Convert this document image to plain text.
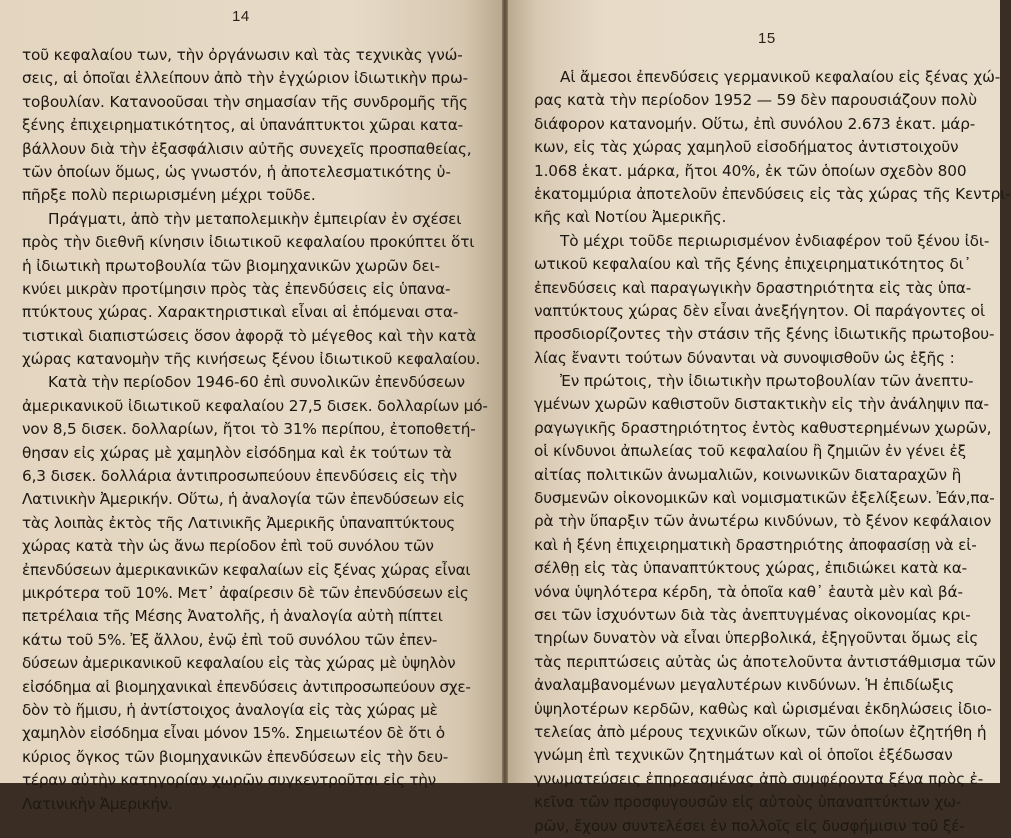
14
τοῦ κεφαλαίου των, τὴν ὀργάνωσιν καὶ τὰς τεχνικὰς γνώ-
σεις, αἱ ὁποῖαι ἐλλείπουν ἀπὸ τὴν ἐγχώριον ἰδιωτικὴν πρω-
τοβουλίαν. Κατανοοῦσαι τὴν σημασίαν τῆς συνδρομῆς τῆς
ξένης ἐπιχειρηματικότητος, αἱ ὑπανάπτυκτοι χῶραι κατα-
βάλλουν διὰ τὴν ἐξασφάλισιν αὐτῆς συνεχεῖς προσπαθείας,
τῶν ὁποίων ὅμως, ὡς γνωστόν, ἡ ἀποτελεσματικότης ὑ-
πῆρξε πολὺ περιωρισμένη μέχρι τοῦδε.
Πράγματι, ἀπὸ τὴν μεταπολεμικὴν ἐμπειρίαν ἐν σχέσει
πρὸς τὴν διεθνῆ κίνησιν ἰδιωτικοῦ κεφαλαίου προκύπτει ὅτι
ἡ ἰδιωτικὴ πρωτοβουλία τῶν βιομηχανικῶν χωρῶν δει-
κνύει μικρὰν προτίμησιν πρὸς τὰς ἐπενδύσεις εἰς ὑπανα-
πτύκτους χώρας. Χαρακτηριστικαὶ εἶναι αἱ ἑπόμεναι στα-
τιστικαὶ διαπιστώσεις ὅσον ἀφορᾷ τὸ μέγεθος καὶ τὴν κατὰ
χώρας κατανομὴν τῆς κινήσεως ξένου ἰδιωτικοῦ κεφαλαίου.
Κατὰ τὴν περίοδον 1946-60 ἐπὶ συνολικῶν ἐπενδύσεων
ἀμερικανικοῦ ἰδιωτικοῦ κεφαλαίου 27,5 δισεκ. δολλαρίων μό-
νον 8,5 δισεκ. δολλαρίων, ἤτοι τὸ 31% περίπου, ἐτοποθετή-
θησαν εἰς χώρας μὲ χαμηλὸν εἰσόδημα καὶ ἐκ τούτων τὰ
6,3 δισεκ. δολλάρια ἀντιπροσωπεύουν ἐπενδύσεις εἰς τὴν
Λατινικὴν Ἀμερικήν. Οὕτω, ἡ ἀναλογία τῶν ἐπενδύσεων εἰς
τὰς λοιπὰς ἐκτὸς τῆς Λατινικῆς Ἀμερικῆς ὑπαναπτύκτους
χώρας κατὰ τὴν ὡς ἄνω περίοδον ἐπὶ τοῦ συνόλου τῶν
ἐπενδύσεων ἀμερικανικῶν κεφαλαίων εἰς ξένας χώρας εἶναι
μικρότερα τοῦ 10%. Μετ᾽ ἀφαίρεσιν δὲ τῶν ἐπενδύσεων εἰς
πετρέλαια τῆς Μέσης Ἀνατολῆς, ἡ ἀναλογία αὐτὴ πίπτει
κάτω τοῦ 5%. Ἐξ ἄλλου, ἐνῷ ἐπὶ τοῦ συνόλου τῶν ἐπεν-
δύσεων ἀμερικανικοῦ κεφαλαίου εἰς τὰς χώρας μὲ ὑψηλὸν
εἰσόδημα αἱ βιομηχανικαὶ ἐπενδύσεις ἀντιπροσωπεύουν σχε-
δὸν τὸ ἥμισυ, ἡ ἀντίστοιχος ἀναλογία εἰς τὰς χώρας μὲ
χαμηλὸν εἰσόδημα εἶναι μόνον 15%. Σημειωτέον δὲ ὅτι ὁ
κύριος ὄγκος τῶν βιομηχανικῶν ἐπενδύσεων εἰς τὴν δευ-
τέραν αὐτὴν κατηγορίαν χωρῶν συγκεντροῦται εἰς τὴν
Λατινικὴν Ἀμερικήν.
15
Αἱ ἄμεσοι ἐπενδύσεις γερμανικοῦ κεφαλαίου εἰς ξένας χώ-
ρας κατὰ τὴν περίοδον 1952 — 59 δὲν παρουσιάζουν πολὺ
διάφορον κατανομήν. Οὕτω, ἐπὶ συνόλου 2.673 ἑκατ. μάρ-
κων, εἰς τὰς χώρας χαμηλοῦ εἰσοδήματος ἀντιστοιχοῦν
1.068 ἑκατ. μάρκα, ἤτοι 40%, ἐκ τῶν ὁποίων σχεδὸν 800
ἑκατομμύρια ἀποτελοῦν ἐπενδύσεις εἰς τὰς χώρας τῆς Κεντρι-
κῆς καὶ Νοτίου Ἀμερικῆς.
Τὸ μέχρι τοῦδε περιωρισμένον ἐνδιαφέρον τοῦ ξένου ἰδι-
ωτικοῦ κεφαλαίου καὶ τῆς ξένης ἐπιχειρηματικότητος δι᾽
ἐπενδύσεις καὶ παραγωγικὴν δραστηριότητα εἰς τὰς ὑπα-
ναπτύκτους χώρας δὲν εἶναι ἀνεξήγητον. Οἱ παράγοντες οἱ
προσδιορίζοντες τὴν στάσιν τῆς ξένης ἰδιωτικῆς πρωτοβου-
λίας ἔναντι τούτων δύνανται νὰ συνοψισθοῦν ὡς ἑξῆς :
Ἐν πρώτοις, τὴν ἰδιωτικὴν πρωτοβουλίαν τῶν ἀνεπτυ-
γμένων χωρῶν καθιστοῦν διστακτικὴν εἰς τὴν ἀνάληψιν πα-
ραγωγικῆς δραστηριότητος ἐντὸς καθυστερημένων χωρῶν,
οἱ κίνδυνοι ἀπωλείας τοῦ κεφαλαίου ἢ ζημιῶν ἐν γένει ἐξ
αἰτίας πολιτικῶν ἀνωμαλιῶν, κοινωνικῶν διαταραχῶν ἢ
δυσμενῶν οἰκονομικῶν καὶ νομισματικῶν ἐξελίξεων. Ἐάν,πα-
ρὰ τὴν ὕπαρξιν τῶν ἀνωτέρω κινδύνων, τὸ ξένον κεφάλαιον
καὶ ἡ ξένη ἐπιχειρηματικὴ δραστηριότης ἀποφασίσῃ νὰ εἰ-
σέλθῃ εἰς τὰς ὑπαναπτύκτους χώρας, ἐπιδιώκει κατὰ κα-
νόνα ὑψηλότερα κέρδη, τὰ ὁποῖα καθ᾽ ἑαυτὰ μὲν καὶ βά-
σει τῶν ἰσχυόντων διὰ τὰς ἀνεπτυγμένας οἰκονομίας κρι-
τηρίων δυνατὸν νὰ εἶναι ὑπερβολικά, ἐξηγοῦνται ὅμως εἰς
τὰς περιπτώσεις αὐτὰς ὡς ἀποτελοῦντα ἀντιστάθμισμα τῶν
ἀναλαμβανομένων μεγαλυτέρων κινδύνων. Ἡ ἐπιδίωξις
ὑψηλοτέρων κερδῶν, καθὼς καὶ ὡρισμέναι ἐκδηλώσεις ἰδιο-
τελείας ἀπὸ μέρους τεχνικῶν οἴκων, τῶν ὁποίων ἐζητήθη ἡ
γνώμη ἐπὶ τεχνικῶν ζητημάτων καὶ οἱ ὁποῖοι ἐξέδωσαν
γνωματεύσεις ἐπηρεασμένας ἀπὸ συμφέροντα ξένα πρὸς ἐ-
κεῖνα τῶν προσφυγουσῶν εἰς αὐτοὺς ὑπαναπτύκτων χω-
ρῶν, ἔχουν συντελέσει ἐν πολλοῖς εἰς δυσφήμισιν τοῦ ξέ-
